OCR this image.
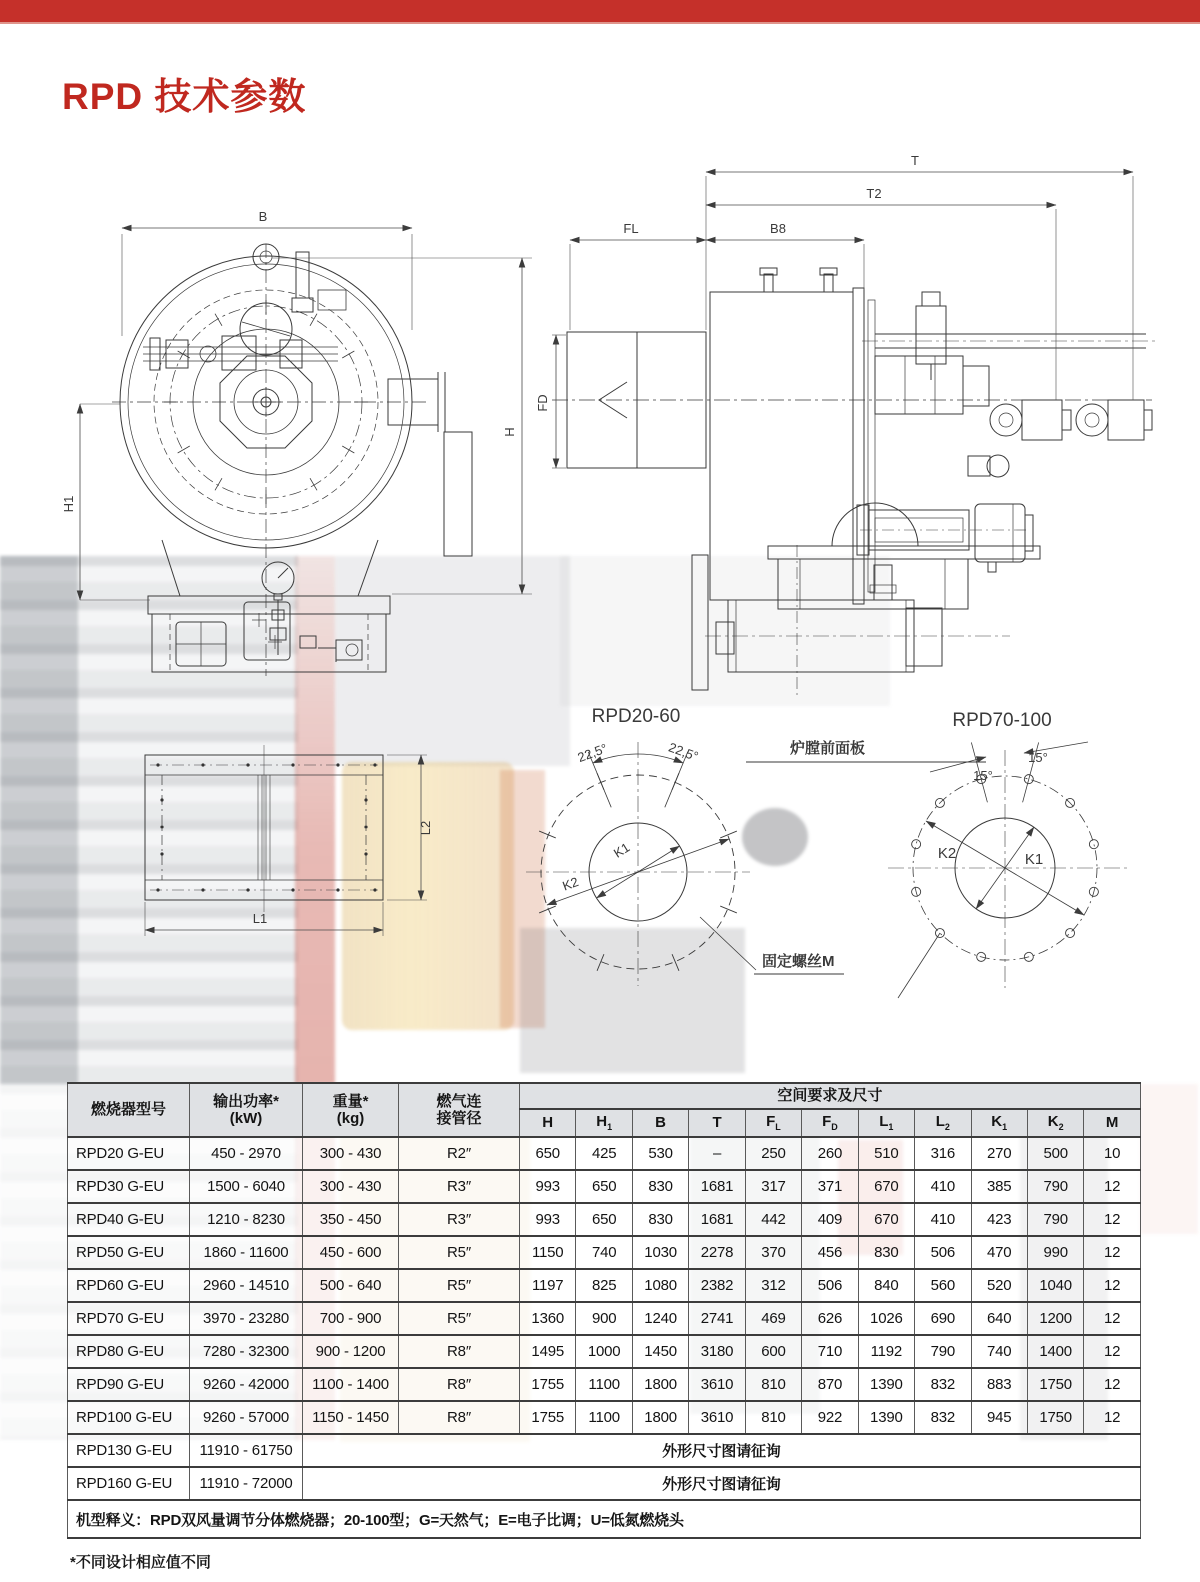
RPD 技术参数
B
H
H1
T
T2
FL	B8
FD
RPD20-60
22,5°	22,5°
K1
K2
炉膛前面板
固定螺丝M
RPD70-100
15°
15°
K2	K1
L1
L2
燃烧器型号	
输出功率*
(kW)

重量*
(kg)

燃气连
接管径
	空间要求及尺寸
				H	$H_1$	B	T	$F_L$	$F_D$	$L_1$	$L_2$	$K_1$	$K_2$	M
RPD20 G-EU	450 - 2970	300 - 430	R2″	650	425	530	–	250	260	510	316	270	500	10
RPD30 G-EU	1500 - 6040	300 - 430	R3″	993	650	830	1681	317	371	670	410	385	790	12
RPD40 G-EU	1210 - 8230	350 - 450	R3″	993	650	830	1681	442	409	670	410	423	790	12
RPD50 G-EU	1860 - 11600	450 - 600	R5″	1150	740	1030	2278	370	456	830	506	470	990	12
RPD60 G-EU	2960 - 14510	500 - 640	R5″	1197	825	1080	2382	312	506	840	560	520	1040	12
RPD70 G-EU	3970 - 23280	700 - 900	R5″	1360	900	1240	2741	469	626	1026	690	640	1200	12
RPD80 G-EU	7280 - 32300	900 - 1200	R8″	1495	1000	1450	3180	600	710	1192	790	740	1400	12
RPD90 G-EU	9260 - 42000	1100 - 1400	R8″	1755	1100	1800	3610	810	870	1390	832	883	1750	12
RPD100 G-EU	9260 - 57000	1150 - 1450	R8″	1755	1100	1800	3610	810	922	1390	832	945	1750	12
RPD130 G-EU	11910 - 61750	外形尺寸图请征询												
RPD160 G-EU	11910 - 72000	外形尺寸图请征询												
机型释义：RPD双风量调节分体燃烧器；20-100型；G=天然气；E=电子比调；U=低氮燃烧头														
*不同设计相应值不同
